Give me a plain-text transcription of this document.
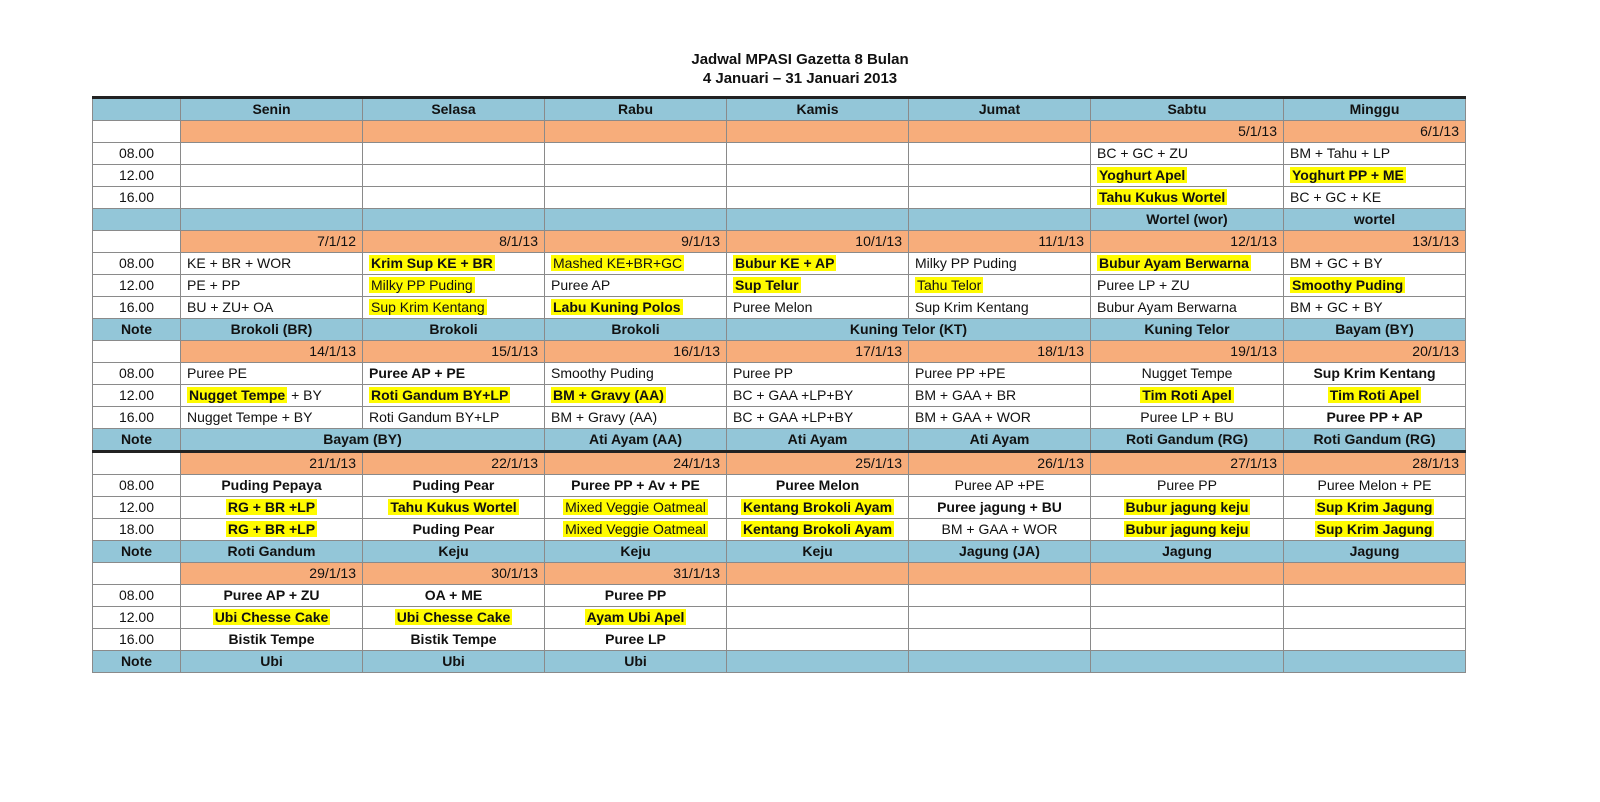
Jadwal MPASI Gazetta 8 Bulan
4 Januari – 31 Januari 2013
	Senin	Selasa	Rabu	Kamis	Jumat	Sabtu	Minggu
						5/1/13	6/1/13
08.00						BC + GC + ZU	BM + Tahu + LP
12.00						Yoghurt Apel	Yoghurt PP + ME
16.00						Tahu Kukus Wortel	BC + GC + KE
						Wortel (wor)	wortel
	7/1/12	8/1/13	9/1/13	10/1/13	11/1/13	12/1/13	13/1/13
08.00	KE + BR + WOR	Krim Sup KE + BR	Mashed KE+BR+GC	Bubur KE + AP	Milky PP Puding	Bubur Ayam Berwarna	BM + GC + BY
12.00	PE + PP	Milky PP Puding	Puree AP	Sup Telur	Tahu Telor	Puree LP + ZU	Smoothy Puding
16.00	BU + ZU+ OA	Sup Krim Kentang	Labu Kuning Polos	Puree Melon	Sup Krim Kentang	Bubur Ayam Berwarna	BM + GC + BY
Note	Brokoli (BR)	Brokoli	Brokoli	Kuning Telor (KT)		Kuning Telor	Bayam (BY)
	14/1/13	15/1/13	16/1/13	17/1/13	18/1/13	19/1/13	20/1/13
08.00	Puree PE	Puree AP + PE	Smoothy Puding	Puree PP	Puree PP +PE	Nugget Tempe	Sup Krim Kentang
12.00	Nugget Tempe + BY	Roti Gandum BY+LP	BM + Gravy (AA)	BC + GAA +LP+BY	BM + GAA + BR	Tim Roti Apel	Tim Roti Apel
16.00	Nugget Tempe + BY	Roti Gandum BY+LP	BM + Gravy (AA)	BC + GAA +LP+BY	BM + GAA + WOR	Puree LP + BU	Puree PP + AP
Note	Bayam (BY)		Ati Ayam (AA)	Ati Ayam	Ati Ayam	Roti Gandum (RG)	Roti Gandum (RG)
	21/1/13	22/1/13	24/1/13	25/1/13	26/1/13	27/1/13	28/1/13
08.00	Puding Pepaya	Puding Pear	Puree PP + Av + PE	Puree Melon	Puree AP +PE	Puree PP	Puree Melon + PE
12.00	RG + BR +LP	Tahu Kukus Wortel	Mixed Veggie Oatmeal	Kentang Brokoli Ayam	Puree jagung + BU	Bubur jagung keju	Sup Krim Jagung
18.00	RG + BR +LP	Puding Pear	Mixed Veggie Oatmeal	Kentang Brokoli Ayam	BM + GAA + WOR	Bubur jagung keju	Sup Krim Jagung
Note	Roti Gandum	Keju	Keju	Keju	Jagung (JA)	Jagung	Jagung
	29/1/13	30/1/13	31/1/13				
08.00	Puree AP + ZU	OA + ME	Puree PP				
12.00	Ubi Chesse Cake	Ubi Chesse Cake	Ayam Ubi Apel				
16.00	Bistik Tempe	Bistik Tempe	Puree LP				
Note	Ubi	Ubi	Ubi				
